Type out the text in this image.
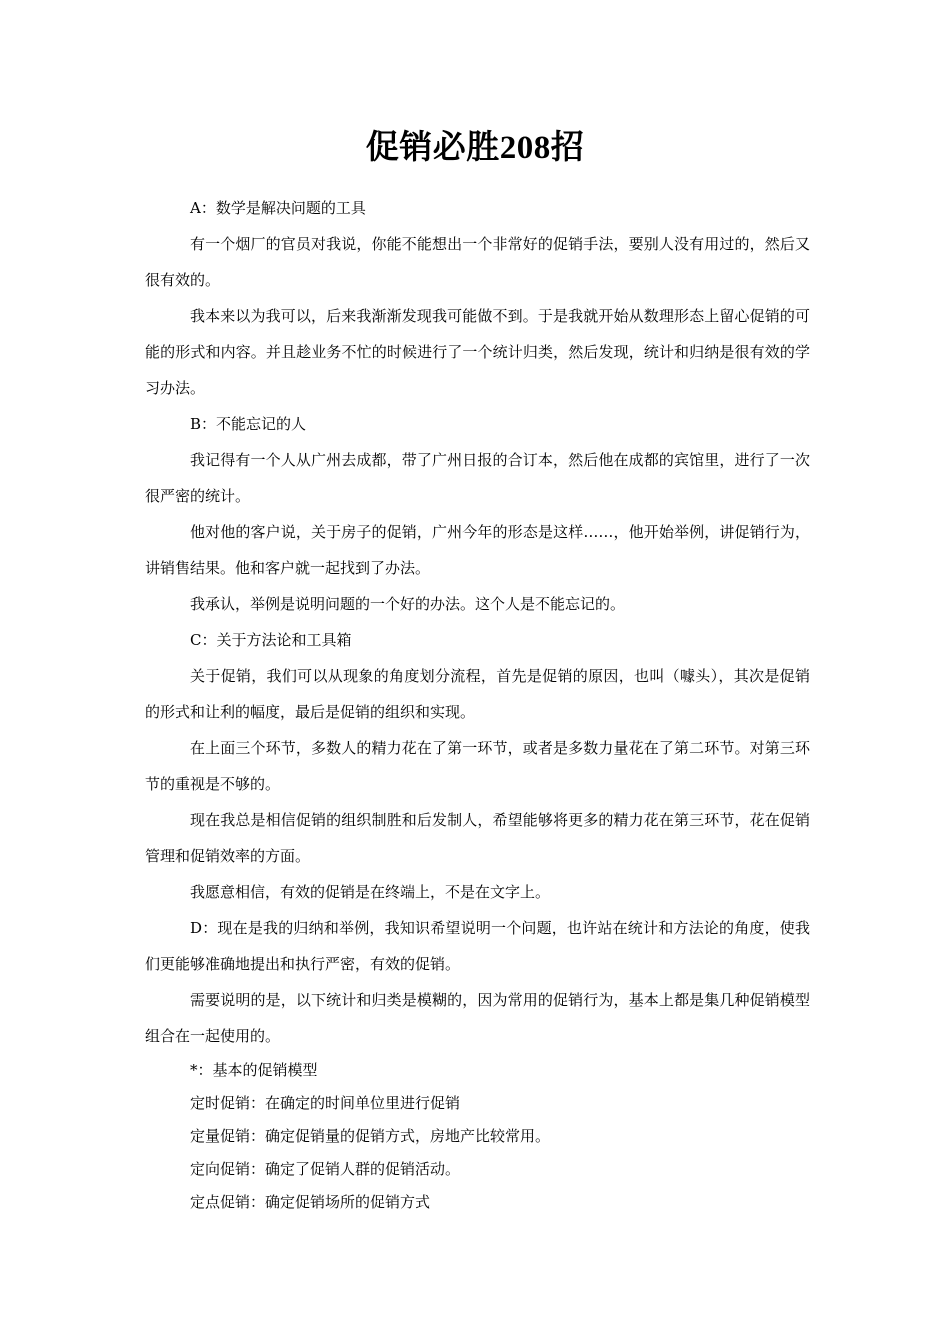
促销必胜208招

A：数学是解决问题的工具

有一个烟厂的官员对我说，你能不能想出一个非常好的促销手法，要别人没有用过的，然后又很有效的。

我本来以为我可以，后来我渐渐发现我可能做不到。于是我就开始从数理形态上留心促销的可能的形式和内容。并且趁业务不忙的时候进行了一个统计归类，然后发现，统计和归纳是很有效的学习办法。

B：不能忘记的人

我记得有一个人从广州去成都，带了广州日报的合订本，然后他在成都的宾馆里，进行了一次很严密的统计。

他对他的客户说，关于房子的促销，广州今年的形态是这样……，他开始举例，讲促销行为，讲销售结果。他和客户就一起找到了办法。

我承认，举例是说明问题的一个好的办法。这个人是不能忘记的。

C：关于方法论和工具箱

关于促销，我们可以从现象的角度划分流程，首先是促销的原因，也叫（噱头），其次是促销的形式和让利的幅度，最后是促销的组织和实现。

在上面三个环节，多数人的精力花在了第一环节，或者是多数力量花在了第二环节。对第三环节的重视是不够的。

现在我总是相信促销的组织制胜和后发制人，希望能够将更多的精力花在第三环节，花在促销管理和促销效率的方面。

我愿意相信，有效的促销是在终端上，不是在文字上。

D：现在是我的归纳和举例，我知识希望说明一个问题，也许站在统计和方法论的角度，使我们更能够准确地提出和执行严密，有效的促销。

需要说明的是，以下统计和归类是模糊的，因为常用的促销行为，基本上都是集几种促销模型组合在一起使用的。

*：基本的促销模型

定时促销：在确定的时间单位里进行促销

定量促销：确定促销量的促销方式，房地产比较常用。

定向促销：确定了促销人群的促销活动。

定点促销：确定促销场所的促销方式
